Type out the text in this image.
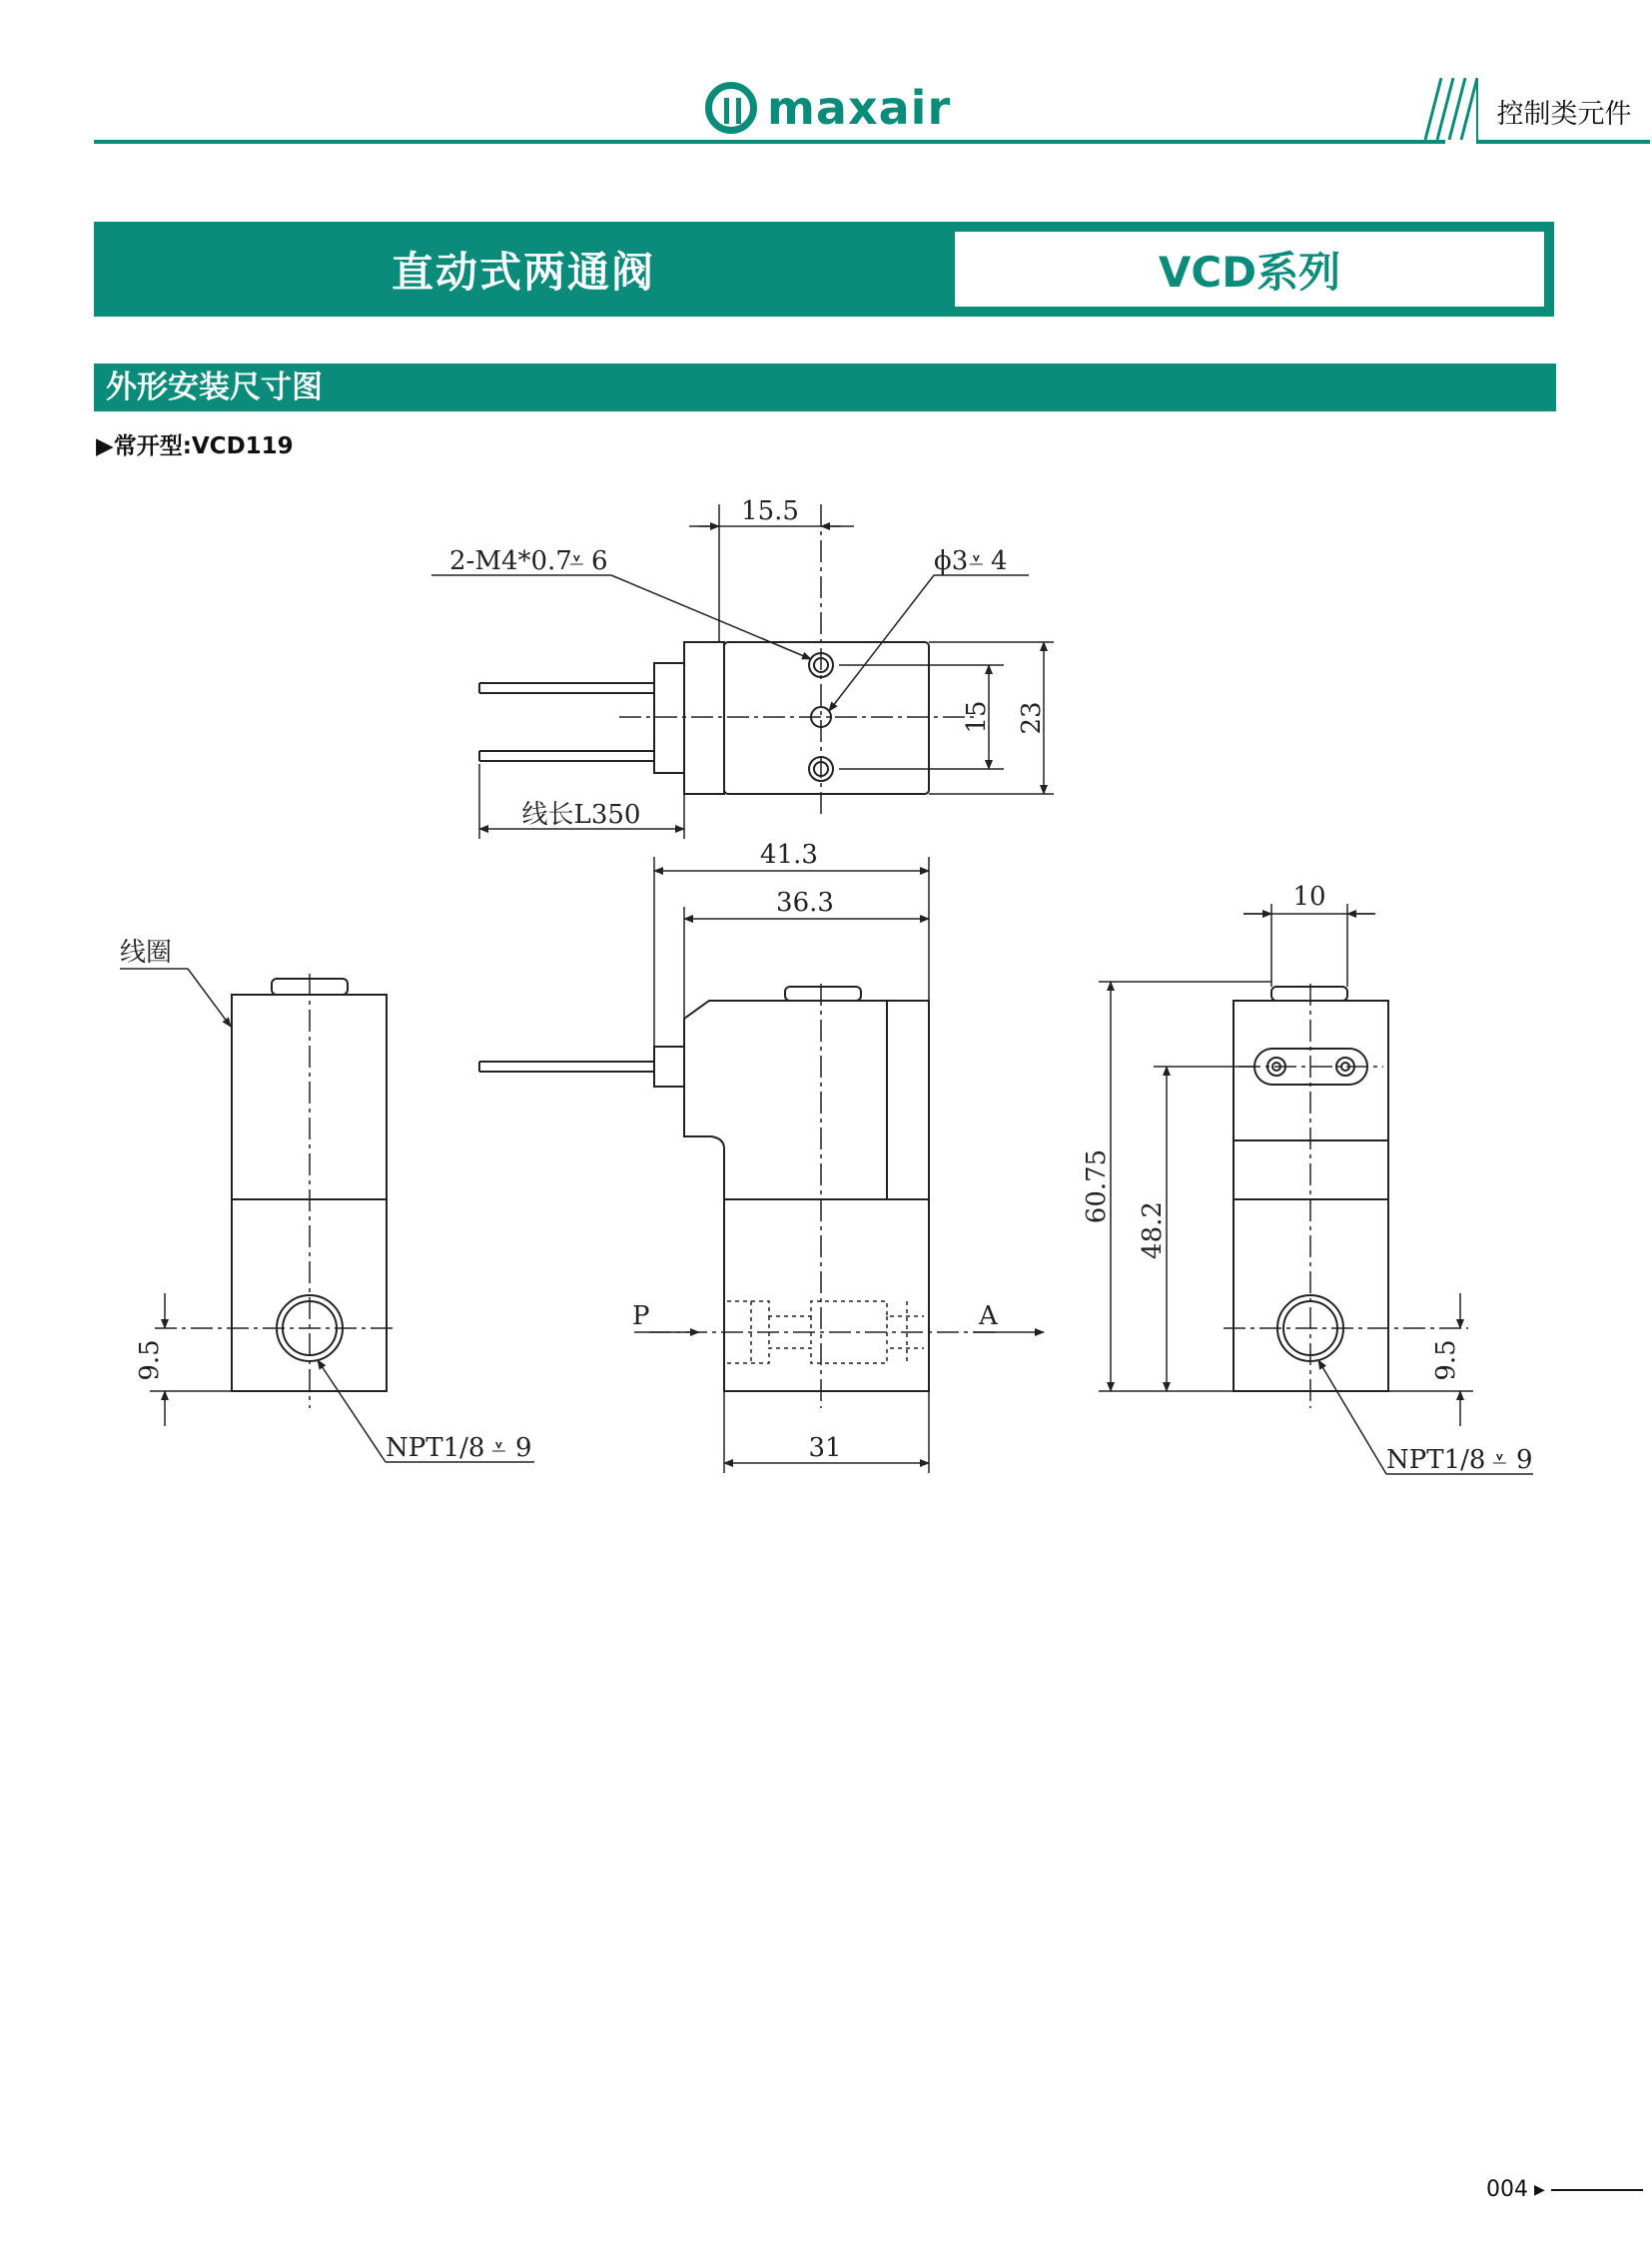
maxair	控制类元件
直动式两通阀	VCD系列
外形安装尺寸图
▶常开型:VCD119
15.5
2-M4*0.7
⩡ 6	ϕ3 ⩡ 4
15 23
线长L350
41.3
36.3	10
线圈
60.75
48.2
9.5	9.5
P	A
31
NPT1/8 ⩡ 9	NPT1/8 ⩡ 9
004 ▶
